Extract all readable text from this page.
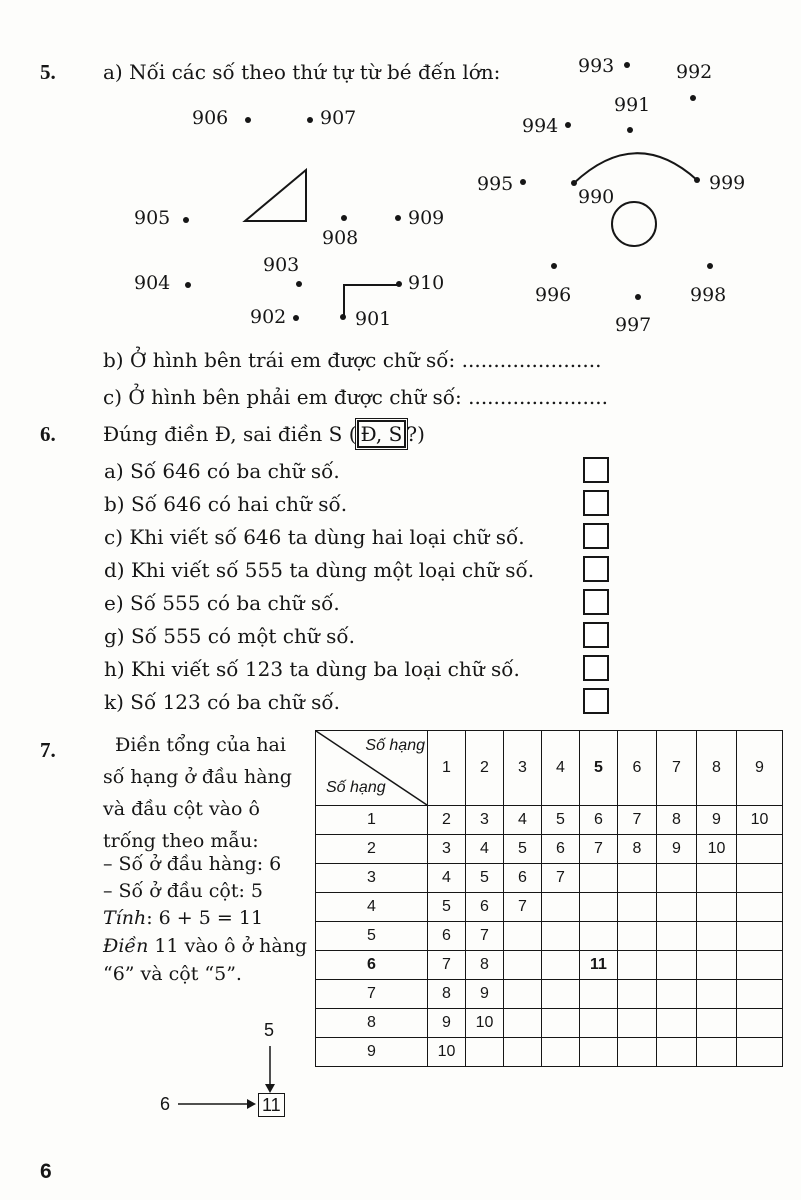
5. a) Nối các số theo thứ tự từ bé đến lớn:
906	907
905
908
909
903
904	910
902	901
993	992
991
994
995
990
999
996	998
997
b) Ở hình bên trái em được chữ số: ......................
c) Ở hình bên phải em được chữ số: ......................
6. Đúng điền Đ, sai điền S ( Đ, S ?)
a) Số 646 có ba chữ số.
b) Số 646 có hai chữ số.
c) Khi viết số 646 ta dùng hai loại chữ số.
d) Khi viết số 555 ta dùng một loại chữ số.
e) Số 555 có ba chữ số.
g) Số 555 có một chữ số.
h) Khi viết số 123 ta dùng ba loại chữ số.
k) Số 123 có ba chữ số.
7.	Điền tổng của hai
số hạng ở đầu hàng
và đầu cột vào ô
trống theo mẫu:
– Số ở đầu hàng: 6
– Số ở đầu cột: 5
Tính: 6 + 5 = 11
Điền 11 vào ô ở hàng
“6” và cột “5”.
5
6	11
Số hạng
Số hạng	1	2	3	4	5	6	7	8	9
1	2	3	4	5	6	7	8	9	10
2	3	4	5	6	7	8	9	10	
3	4	5	6	7					
4	5	6	7						
5	6	7							
6	7	8			11				
7	8	9							
8	9	10							
9	10								
6
